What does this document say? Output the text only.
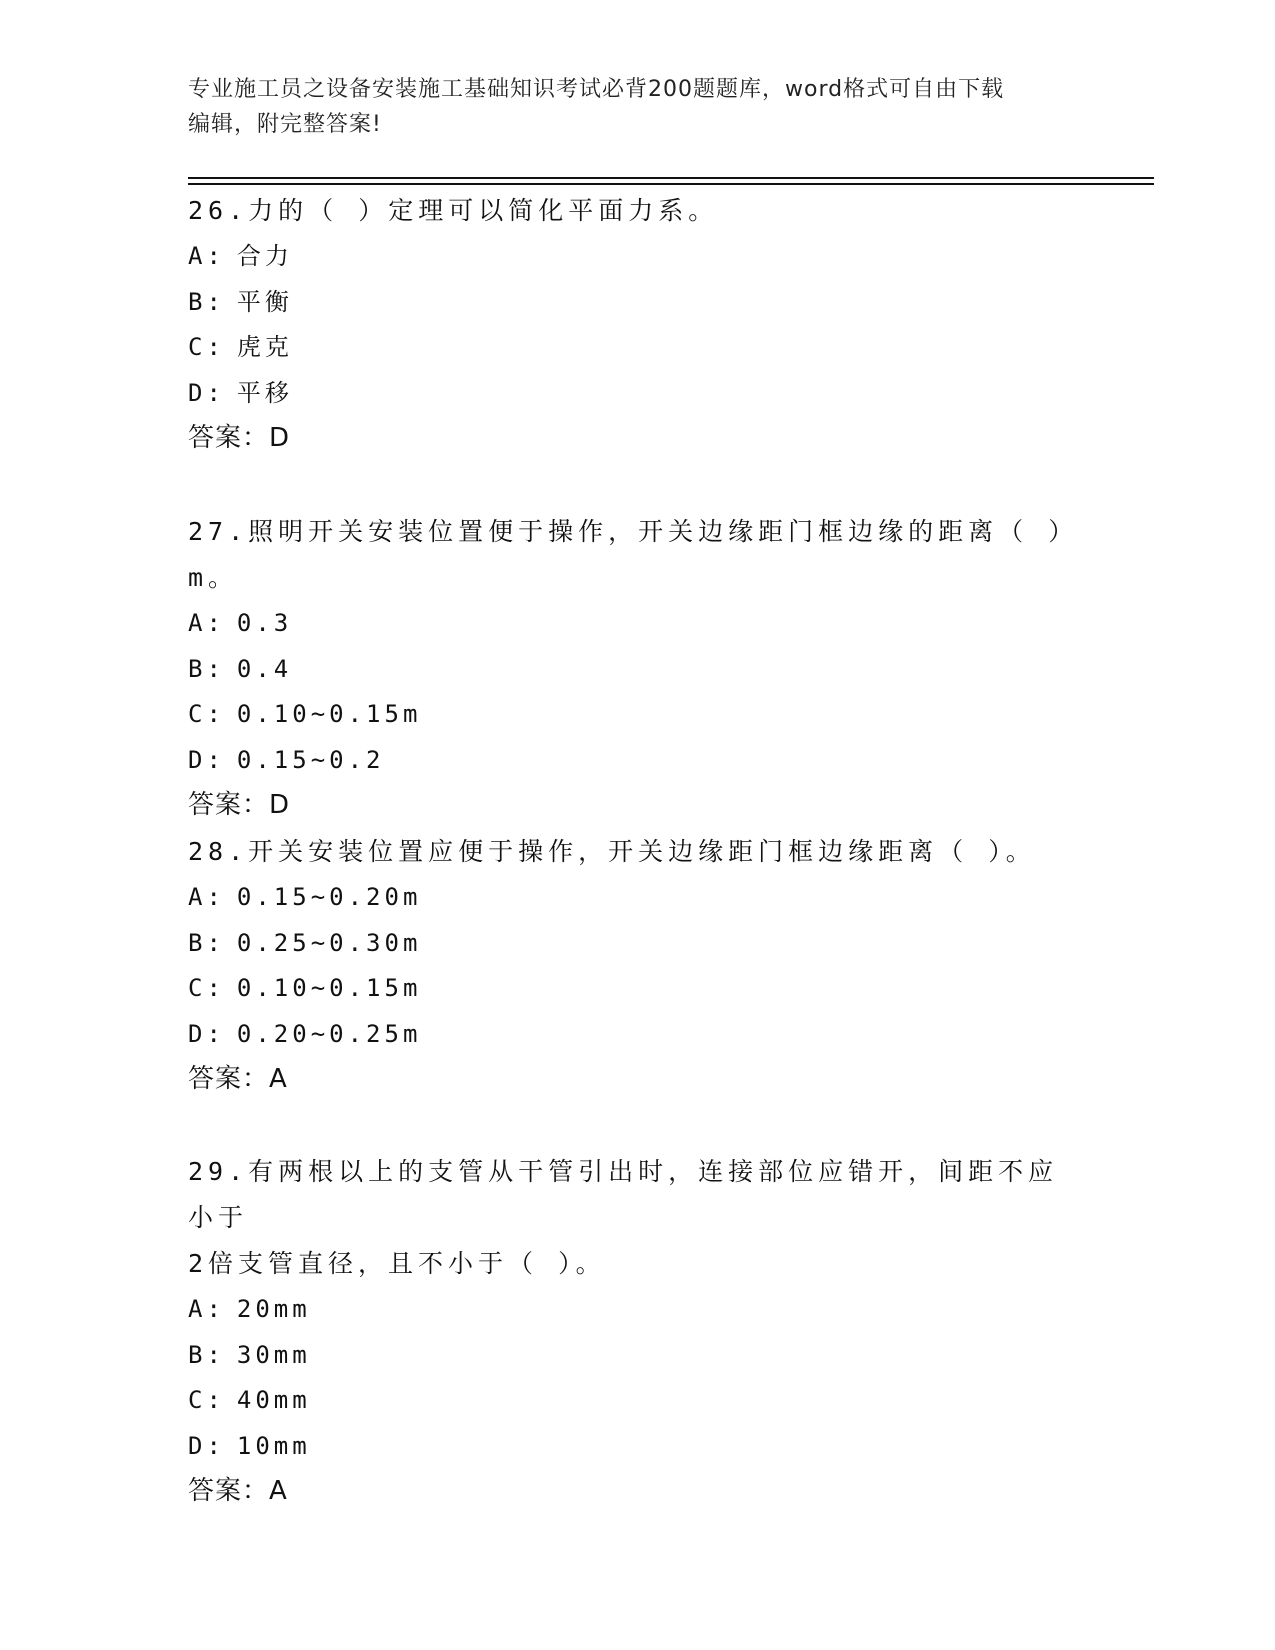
专业施工员之设备安装施工基础知识考试必背200题题库，word格式可自由下载
编辑，附完整答案!

26.力的（ ）定理可以简化平面力系。

A: 合力

B: 平衡

C: 虎克

D: 平移

答案：D

27.照明开关安装位置便于操作，开关边缘距门框边缘的距离（ ）m。

A: 0.3

B: 0.4

C: 0.10~0.15m

D: 0.15~0.2

答案：D

28.开关安装位置应便于操作，开关边缘距门框边缘距离（ ）。

A: 0.15~0.20m

B: 0.25~0.30m

C: 0.10~0.15m

D: 0.20~0.25m

答案：A

29.有两根以上的支管从干管引出时，连接部位应错开，间距不应小于

2倍支管直径，且不小于（ ）。

A: 20mm

B: 30mm

C: 40mm

D: 10mm

答案：A
